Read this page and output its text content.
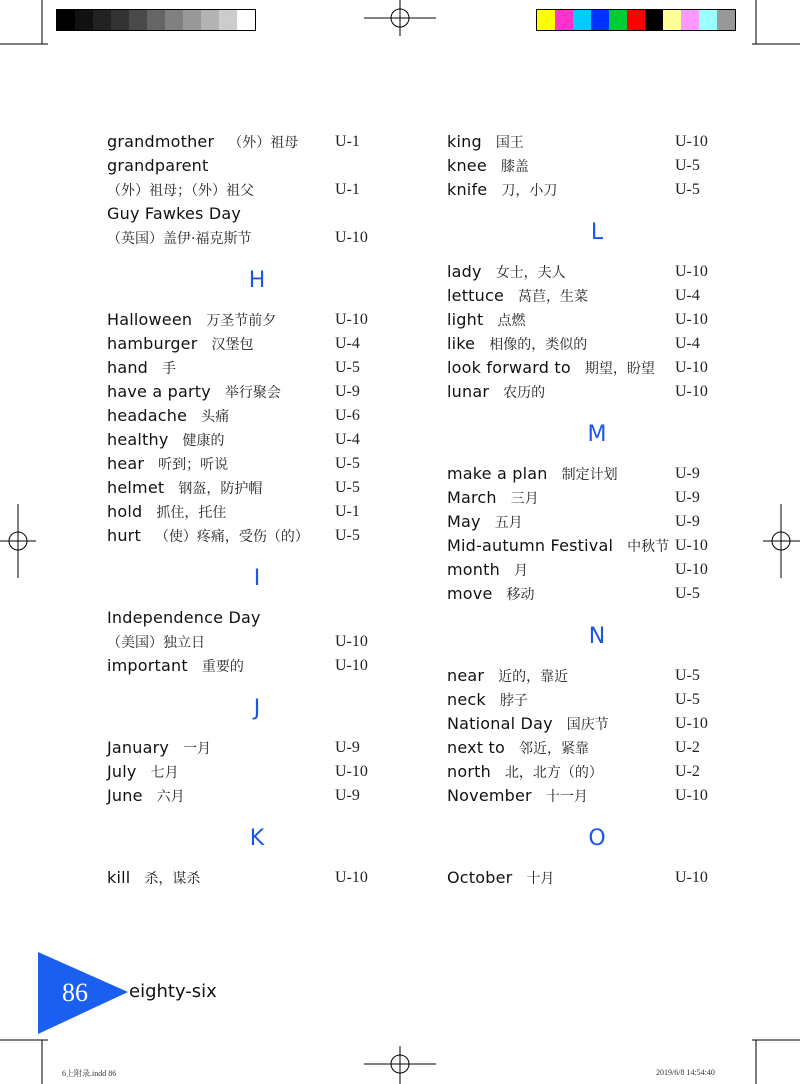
grandmother （外）祖母 U-1
grandparent
（外）祖母；（外）祖父	U-1
Guy Fawkes Day
（英国）盖伊·福克斯节	U-10
H
Halloween 万圣节前夕	U-10
hamburger 汉堡包	U-4
hand 手	U-5
have a party 举行聚会	U-9
headache 头痛	U-6
healthy 健康的	U-4
hear 听到；听说	U-5
helmet 钢盔，防护帽	U-5
hold 抓住，托住	U-1
hurt （使）疼痛，受伤（的） U-5
I
Independence Day
（美国）独立日	U-10
important 重要的	U-10
J
January 一月	U-9
July 七月	U-10
June 六月	U-9
K
kill 杀，谋杀	U-10
king 国王	U-10
knee 膝盖	U-5
knife 刀，小刀	U-5
L
lady 女士，夫人	U-10
lettuce 莴苣，生菜	U-4
light 点燃	U-10
like 相像的，类似的	U-4
look forward to 期望，盼望 U-10
lunar 农历的	U-10
M
make a plan 制定计划	U-9
March 三月	U-9
May 五月	U-9
Mid-autumn Festival 中秋节 U-10
month 月	U-10
move 移动	U-5
N
near 近的，靠近	U-5
neck 脖子	U-5
National Day 国庆节	U-10
next to 邻近，紧靠	U-2
north 北，北方（的）	U-2
November 十一月	U-10
O
October 十月	U-10
86 eighty-six
6上附录.indd 86	2019/6/8 14:54:40
